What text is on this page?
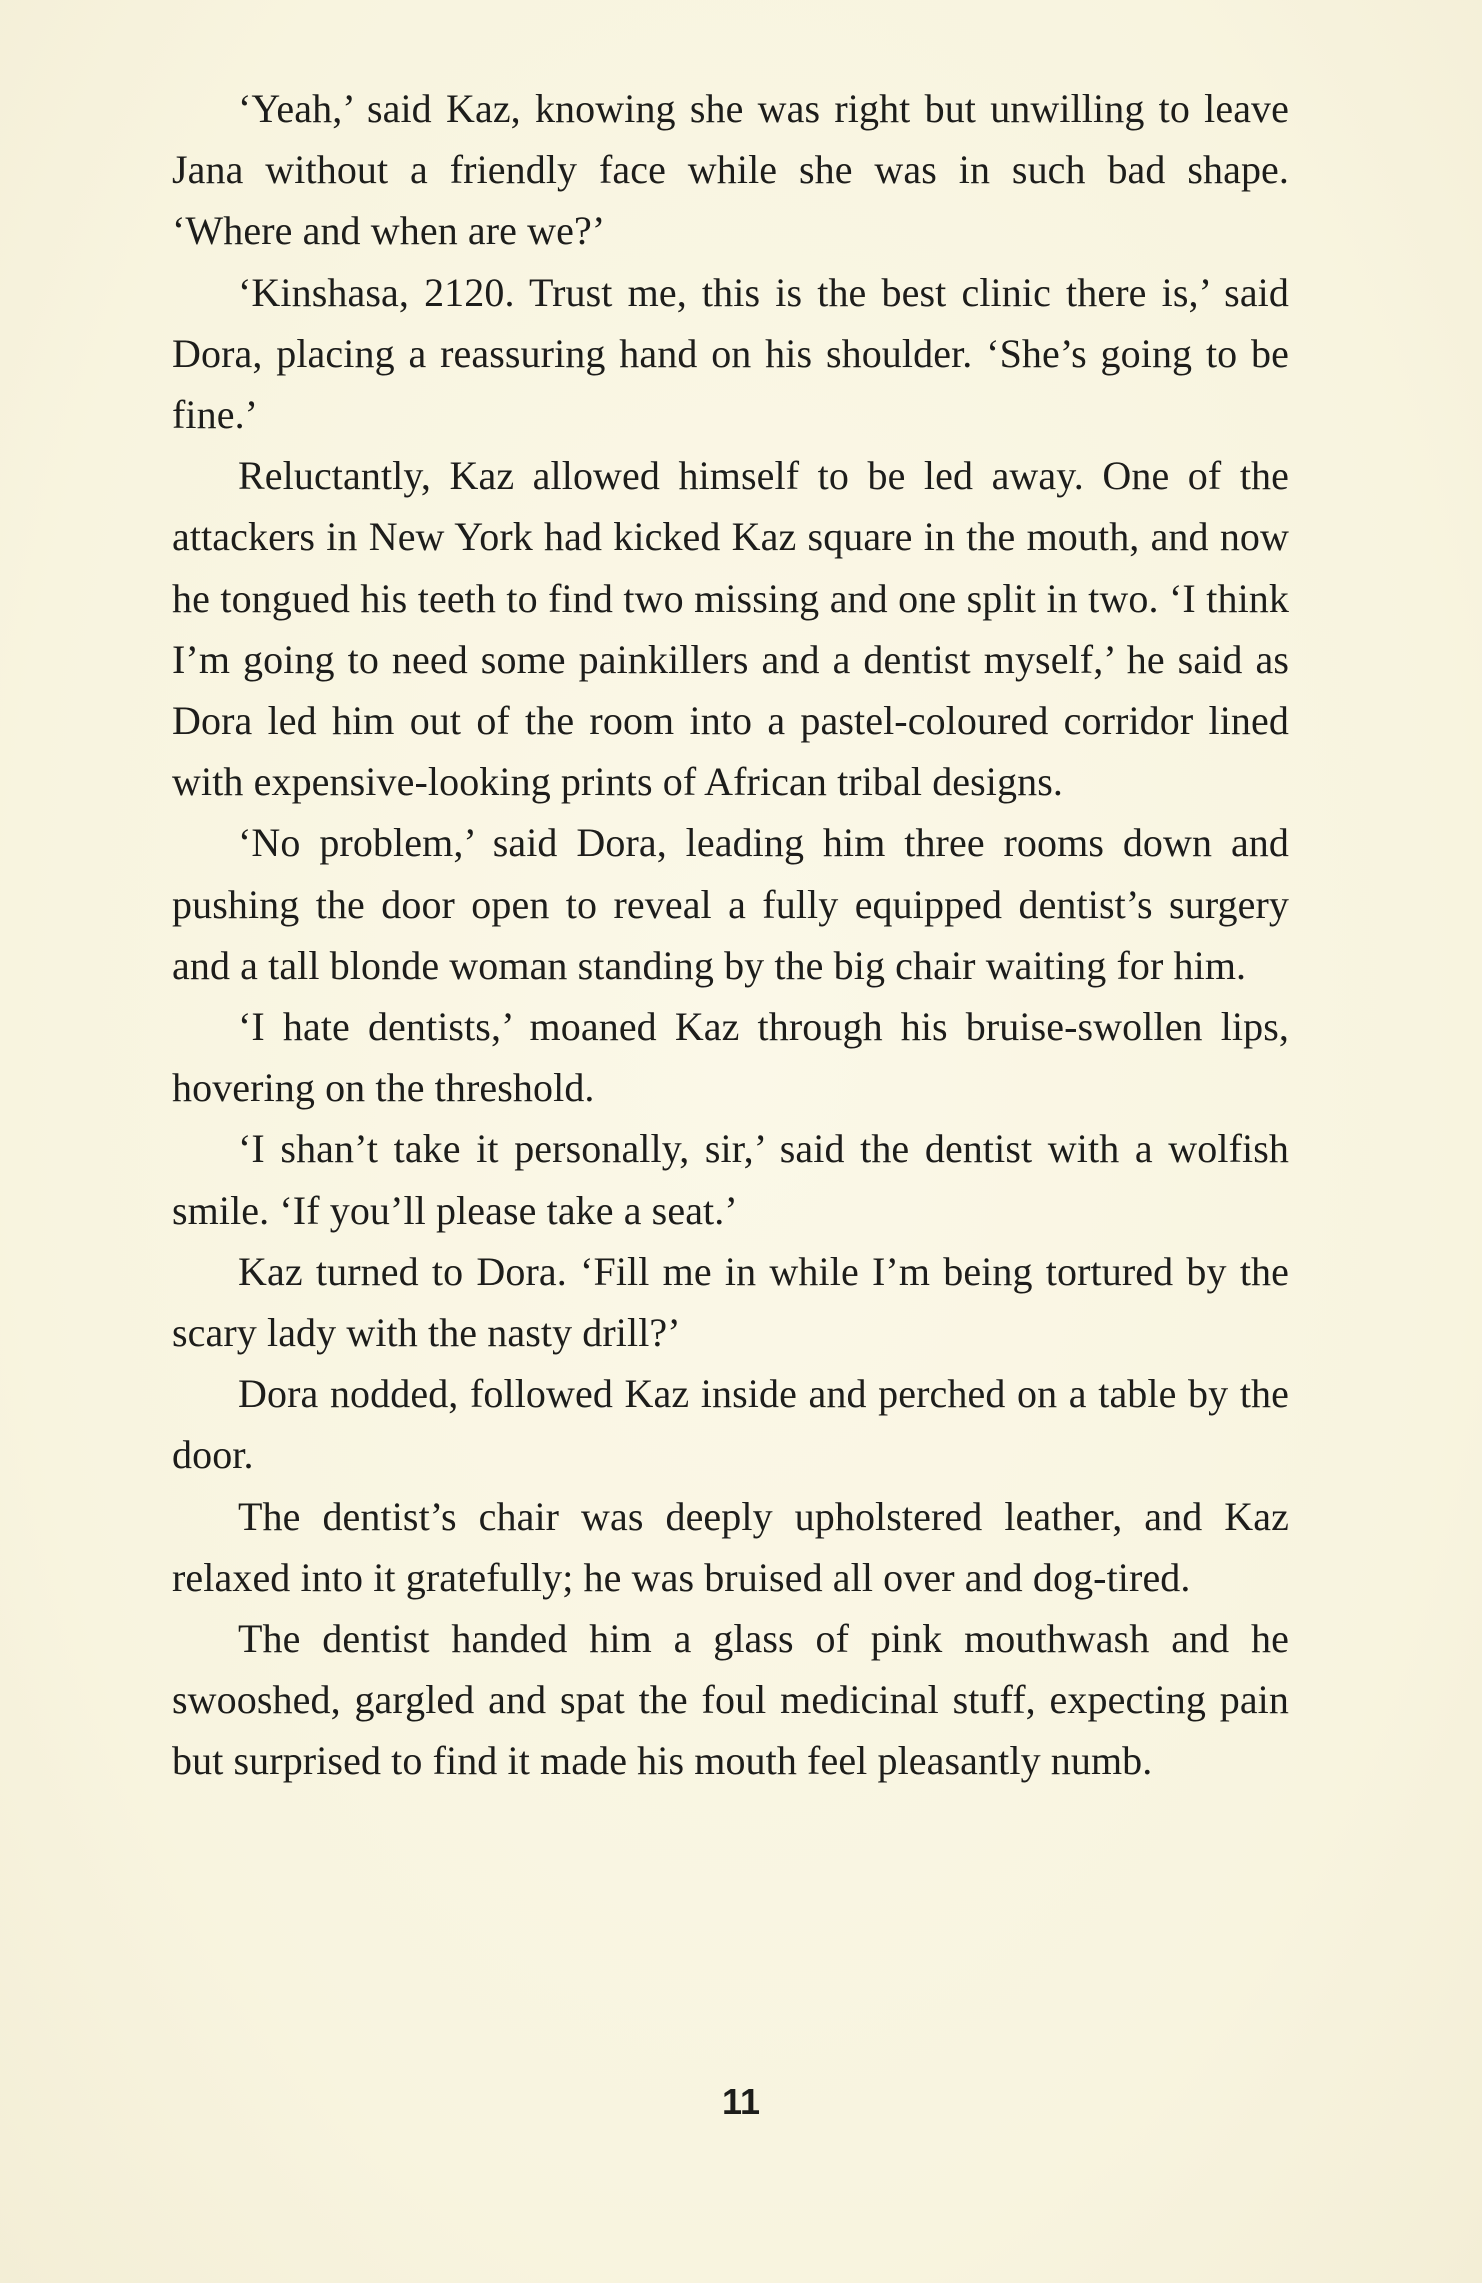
‘Yeah,’ said Kaz, knowing she was right but unwilling to leave Jana without a friendly face while she was in such bad shape. ‘Where and when are we?’

‘Kinshasa, 2120. Trust me, this is the best clinic there is,’ said Dora, placing a reassuring hand on his shoulder. ‘She’s going to be fine.’

Reluctantly, Kaz allowed himself to be led away. One of the attackers in New York had kicked Kaz square in the mouth, and now he tongued his teeth to find two missing and one split in two. ‘I think I’m going to need some painkillers and a dentist myself,’ he said as Dora led him out of the room into a pastel-coloured corridor lined with expensive-looking prints of African tribal designs.

‘No problem,’ said Dora, leading him three rooms down and pushing the door open to reveal a fully equipped dentist’s surgery and a tall blonde woman standing by the big chair waiting for him.

‘I hate dentists,’ moaned Kaz through his bruise-swollen lips, hovering on the threshold.

‘I shan’t take it personally, sir,’ said the dentist with a wolfish smile. ‘If you’ll please take a seat.’

Kaz turned to Dora. ‘Fill me in while I’m being tortured by the scary lady with the nasty drill?’

Dora nodded, followed Kaz inside and perched on a table by the door.

The dentist’s chair was deeply upholstered leather, and Kaz relaxed into it gratefully; he was bruised all over and dog-tired.

The dentist handed him a glass of pink mouthwash and he swooshed, gargled and spat the foul medicinal stuff, expecting pain but surprised to find it made his mouth feel pleasantly numb.

11
